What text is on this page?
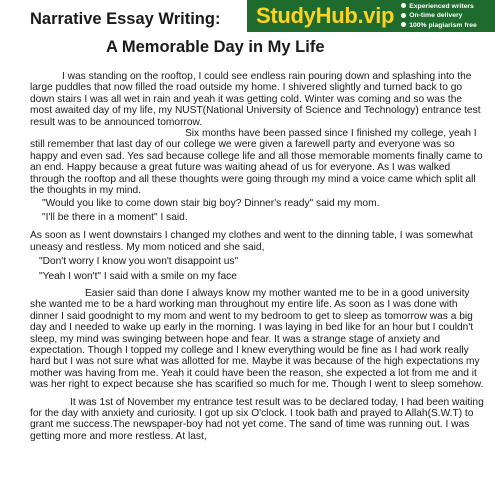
Narrative Essay Writing:
A Memorable Day in My Life
StudyHub.vip	Experienced writers
On-time delivery
100% plagiarism free

I was standing on the rooftop, I could see endless rain pouring down and splashing into the large puddles that now filled the road outside my home. I shivered slightly and turned back to go down stairs I was all wet in rain and yeah it was getting cold. Winter was coming and so was the most awaited day of my life, my NUST(National University of Science and Technology) entrance test result was to be announced tomorrow.

Six months have been passed since I finished my college, yeah I still remember that last day of our college we were given a farewell party and everyone was so happy and even sad. Yes sad because college life and all those memorable moments finally came to an end. Happy because a great future was waiting ahead of us for everyone. As I was walked through the rooftop and all these thoughts were going through my mind a voice came which split all the thoughts in my mind.

"Would you like to come down stair big boy? Dinner's ready" said my mom.

"I'll be there in a moment" I said.

As soon as I went downstairs I changed my clothes and went to the dinning table, I was somewhat uneasy and restless. My mom noticed and she said,

"Don't worry I know you won't disappoint us"

"Yeah I won't" I said with a smile on my face

Easier said than done I always know my mother wanted me to be in a good university she wanted me to be a hard working man throughout my entire life. As soon as I was done with dinner I said goodnight to my mom and went to my bedroom to get to sleep as tomorrow was a big day and I needed to wake up early in the morning. I was laying in bed like for an hour but I couldn't sleep, my mind was swinging between hope and fear. It was a strange stage of anxiety and expectation. Though I topped my college and I knew everything would be fine as I had work really hard but I was not sure what was allotted for me. Maybe it was because of the high expectations my mother was having from me. Yeah it could have been the reason, she expected a lot from me and it was her right to expect because she has scarified so much for me. Though I went to sleep somehow.

It was 1st of November my entrance test result was to be declared today, I had been waiting for the day with anxiety and curiosity. I got up six O'clock. I took bath and prayed to Allah(S.W.T) to grant me success.The newspaper-boy had not yet come. The sand of time was running out. I was getting more and more restless. At last,
